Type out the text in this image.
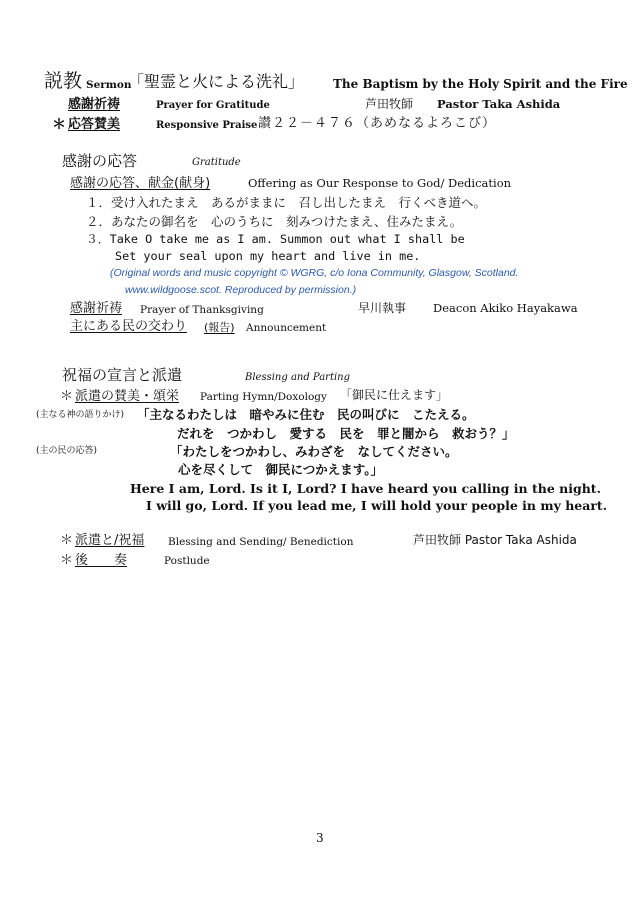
説教 Sermon
「聖霊と火による洗礼」 The Baptism by the Holy Spirit and the Fire
感謝祈祷	Prayer for Gratitude	芦田牧師 Pastor Taka Ashida
＊ 応答賛美	Responsive Praise 讃２２－４７６（あめなるよろこび）
感謝の応答	Gratitude
感謝の応答、献金(献身)	Offering as Our Response to God/ Dedication
１．受け入れたまえ　あるがままに　召し出したまえ　行くべき道へ。
２．あなたの御名を　心のうちに　刻みつけたまえ、住みたまえ。
３．Take O take me as I am. Summon out what I shall be
Set your seal upon my heart and live in me.
(Original words and music copyright © WGRG, c/o Iona Community, Glasgow, Scotland.
www.wildgoose.scot. Reproduced by permission.)
感謝祈祷 Prayer of Thanksgiving	早川執事 Deacon Akiko Hayakawa
主にある民の交わり (報告) Announcement
祝福の宣言と派遣	Blessing and Parting
＊ 派遣の賛美・頌栄 Parting Hymn/Doxology 「御民に仕えます」
(主なる神の語りかけ) 「主なるわたしは　暗やみに住む　民の叫びに　こたえる。
だれを　つかわし　愛する　民を　罪と闇から　救おう？」
(主の民の応答)	「わたしをつかわし、みわざを　なしてください。
心を尽くして　御民につかえます。」
Here I am, Lord. Is it I, Lord? I have heard you calling in the night.
I will go, Lord. If you lead me, I will hold your people in my heart.
＊ 派遣と/祝福 Blessing and Sending/ Benediction	芦田牧師 Pastor Taka Ashida
＊ 後　　奏	Postlude
3
